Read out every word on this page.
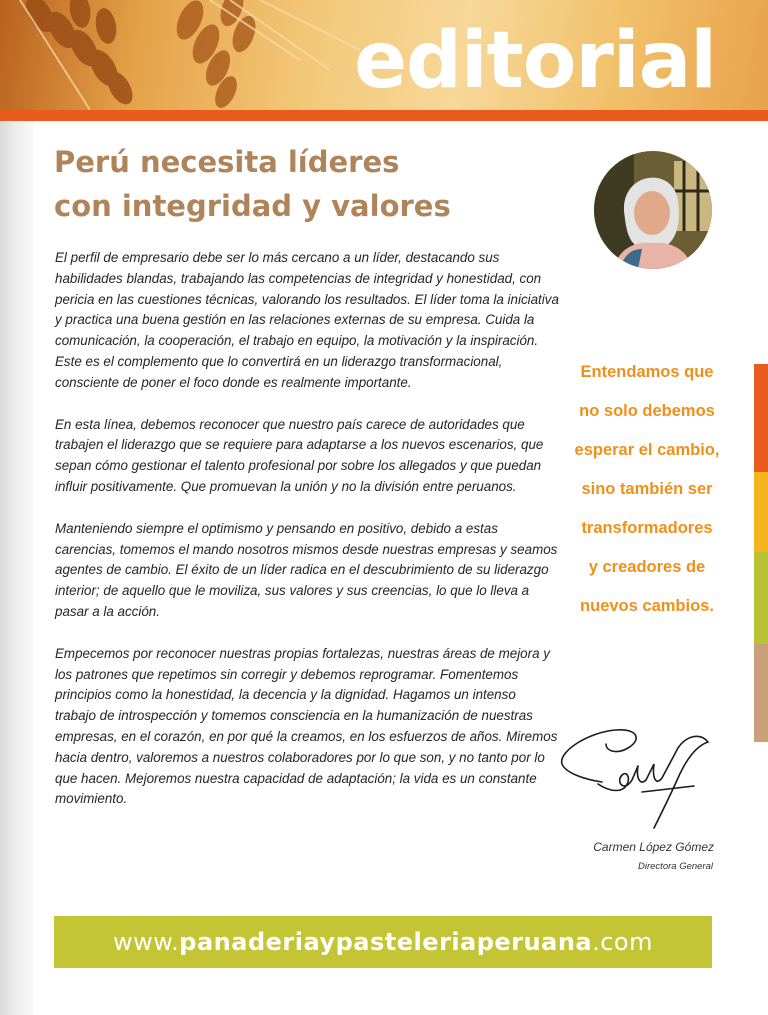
editorial
Perú necesita líderes
con integridad y valores

El perfil de empresario debe ser lo más cercano a un líder, destacando sus habilidades blandas, trabajando las competencias de integridad y honestidad, con pericia en las cuestiones técnicas, valorando los resultados. El líder toma la iniciativa y practica una buena gestión en las relaciones externas de su empresa. Cuida la comunicación, la cooperación, el trabajo en equipo, la motivación y la inspiración. Este es el complemento que lo convertirá en un liderazgo transformacional, consciente de poner el foco donde es realmente importante.

En esta línea, debemos reconocer que nuestro país carece de autoridades que trabajen el liderazgo que se requiere para adaptarse a los nuevos escenarios, que sepan cómo gestionar el talento profesional por sobre los allegados y que puedan influir positivamente. Que promuevan la unión y no la división entre peruanos.

Manteniendo siempre el optimismo y pensando en positivo, debido a estas carencias, tomemos el mando nosotros mismos desde nuestras empresas y seamos agentes de cambio. El éxito de un líder radica en el descubrimiento de su liderazgo interior; de aquello que le moviliza, sus valores y sus creencias, lo que lo lleva a pasar a la acción.

Empecemos por reconocer nuestras propias fortalezas, nuestras áreas de mejora y los patrones que repetimos sin corregir y debemos reprogramar. Fomentemos principios como la honestidad, la decencia y la dignidad. Hagamos un intenso trabajo de introspección y tomemos consciencia en la humanización de nuestras empresas, en el corazón, en por qué la creamos, en los esfuerzos de años. Miremos hacia dentro, valoremos a nuestros colaboradores por lo que son, y no tanto por lo que hacen. Mejoremos nuestra capacidad de adaptación; la vida es un constante movimiento.

Entendamos que
no solo debemos
esperar el cambio,
sino también ser
transformadores
y creadores de
nuevos cambios.
Carmen López Gómez
Directora General
www.panaderiaypasteleriaperuana.com
